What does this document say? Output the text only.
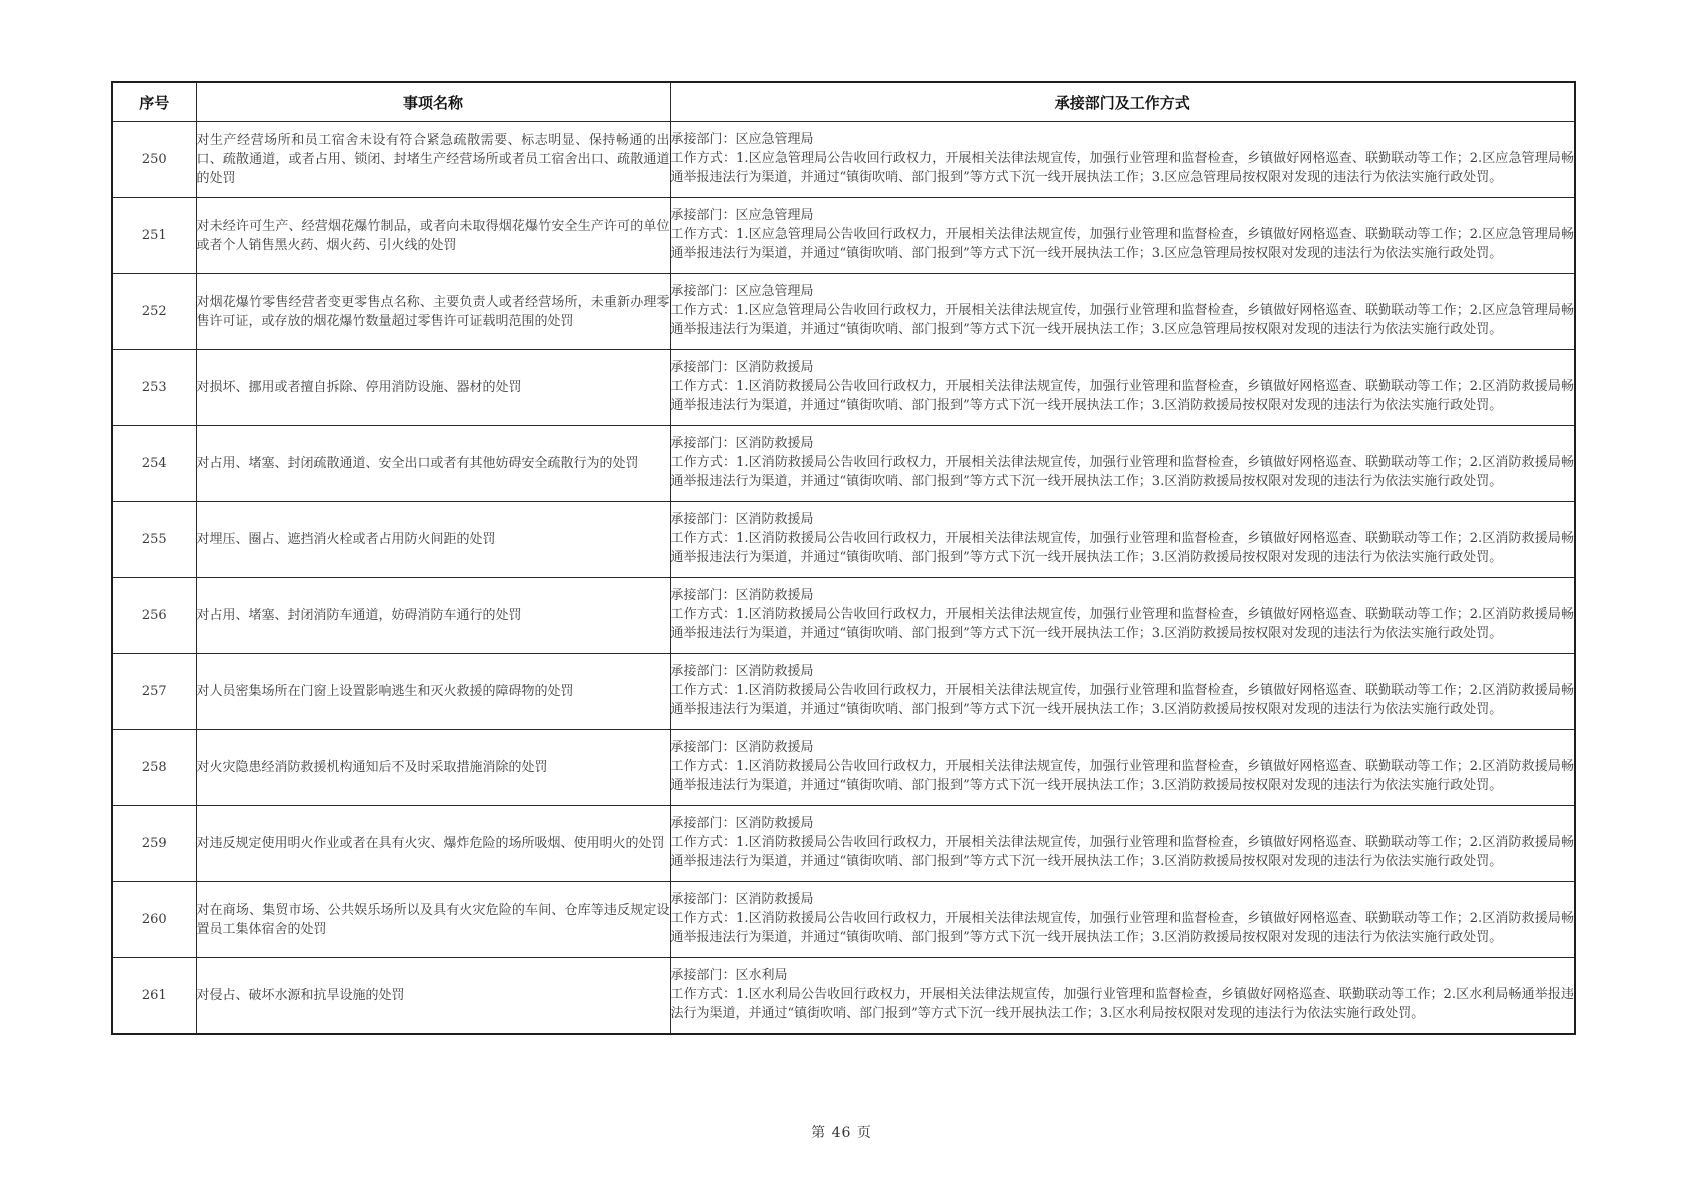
序号	事项名称	承接部门及工作方式
250	对生产经营场所和员工宿舍未设有符合紧急疏散需要、标志明显、保持畅通的出口、疏散通道，或者占用、锁闭、封堵生产经营场所或者员工宿舍出口、疏散通道的处罚	承接部门：区应急管理局
工作方式：1.区应急管理局公告收回行政权力，开展相关法律法规宣传，加强行业管理和监督检查，乡镇做好网格巡查、联勤联动等工作；2.区应急管理局畅通举报违法行为渠道，并通过“镇街吹哨、部门报到”等方式下沉一线开展执法工作；3.区应急管理局按权限对发现的违法行为依法实施行政处罚。

251	对未经许可生产、经营烟花爆竹制品，或者向未取得烟花爆竹安全生产许可的单位或者个人销售黑火药、烟火药、引火线的处罚	承接部门：区应急管理局
工作方式：1.区应急管理局公告收回行政权力，开展相关法律法规宣传，加强行业管理和监督检查，乡镇做好网格巡查、联勤联动等工作；2.区应急管理局畅通举报违法行为渠道，并通过“镇街吹哨、部门报到”等方式下沉一线开展执法工作；3.区应急管理局按权限对发现的违法行为依法实施行政处罚。

252	对烟花爆竹零售经营者变更零售点名称、主要负责人或者经营场所，未重新办理零售许可证，或存放的烟花爆竹数量超过零售许可证载明范围的处罚	承接部门：区应急管理局
工作方式：1.区应急管理局公告收回行政权力，开展相关法律法规宣传，加强行业管理和监督检查，乡镇做好网格巡查、联勤联动等工作；2.区应急管理局畅通举报违法行为渠道，并通过“镇街吹哨、部门报到”等方式下沉一线开展执法工作；3.区应急管理局按权限对发现的违法行为依法实施行政处罚。

253	对损坏、挪用或者擅自拆除、停用消防设施、器材的处罚	承接部门：区消防救援局
工作方式：1.区消防救援局公告收回行政权力，开展相关法律法规宣传，加强行业管理和监督检查，乡镇做好网格巡查、联勤联动等工作；2.区消防救援局畅通举报违法行为渠道，并通过“镇街吹哨、部门报到”等方式下沉一线开展执法工作；3.区消防救援局按权限对发现的违法行为依法实施行政处罚。

254	对占用、堵塞、封闭疏散通道、安全出口或者有其他妨碍安全疏散行为的处罚	承接部门：区消防救援局
工作方式：1.区消防救援局公告收回行政权力，开展相关法律法规宣传，加强行业管理和监督检查，乡镇做好网格巡查、联勤联动等工作；2.区消防救援局畅通举报违法行为渠道，并通过“镇街吹哨、部门报到”等方式下沉一线开展执法工作；3.区消防救援局按权限对发现的违法行为依法实施行政处罚。

255	对埋压、圈占、遮挡消火栓或者占用防火间距的处罚	承接部门：区消防救援局
工作方式：1.区消防救援局公告收回行政权力，开展相关法律法规宣传，加强行业管理和监督检查，乡镇做好网格巡查、联勤联动等工作；2.区消防救援局畅通举报违法行为渠道，并通过“镇街吹哨、部门报到”等方式下沉一线开展执法工作；3.区消防救援局按权限对发现的违法行为依法实施行政处罚。

256	对占用、堵塞、封闭消防车通道，妨碍消防车通行的处罚	承接部门：区消防救援局
工作方式：1.区消防救援局公告收回行政权力，开展相关法律法规宣传，加强行业管理和监督检查，乡镇做好网格巡查、联勤联动等工作；2.区消防救援局畅通举报违法行为渠道，并通过“镇街吹哨、部门报到”等方式下沉一线开展执法工作；3.区消防救援局按权限对发现的违法行为依法实施行政处罚。

257	对人员密集场所在门窗上设置影响逃生和灭火救援的障碍物的处罚	承接部门：区消防救援局
工作方式：1.区消防救援局公告收回行政权力，开展相关法律法规宣传，加强行业管理和监督检查，乡镇做好网格巡查、联勤联动等工作；2.区消防救援局畅通举报违法行为渠道，并通过“镇街吹哨、部门报到”等方式下沉一线开展执法工作；3.区消防救援局按权限对发现的违法行为依法实施行政处罚。

258	对火灾隐患经消防救援机构通知后不及时采取措施消除的处罚	承接部门：区消防救援局
工作方式：1.区消防救援局公告收回行政权力，开展相关法律法规宣传，加强行业管理和监督检查，乡镇做好网格巡查、联勤联动等工作；2.区消防救援局畅通举报违法行为渠道，并通过“镇街吹哨、部门报到”等方式下沉一线开展执法工作；3.区消防救援局按权限对发现的违法行为依法实施行政处罚。

259	对违反规定使用明火作业或者在具有火灾、爆炸危险的场所吸烟、使用明火的处罚	承接部门：区消防救援局
工作方式：1.区消防救援局公告收回行政权力，开展相关法律法规宣传，加强行业管理和监督检查，乡镇做好网格巡查、联勤联动等工作；2.区消防救援局畅通举报违法行为渠道，并通过“镇街吹哨、部门报到”等方式下沉一线开展执法工作；3.区消防救援局按权限对发现的违法行为依法实施行政处罚。

260	对在商场、集贸市场、公共娱乐场所以及具有火灾危险的车间、仓库等违反规定设置员工集体宿舍的处罚	承接部门：区消防救援局
工作方式：1.区消防救援局公告收回行政权力，开展相关法律法规宣传，加强行业管理和监督检查，乡镇做好网格巡查、联勤联动等工作；2.区消防救援局畅通举报违法行为渠道，并通过“镇街吹哨、部门报到”等方式下沉一线开展执法工作；3.区消防救援局按权限对发现的违法行为依法实施行政处罚。

261	对侵占、破坏水源和抗旱设施的处罚	承接部门：区水利局
工作方式：1.区水利局公告收回行政权力，开展相关法律法规宣传，加强行业管理和监督检查，乡镇做好网格巡查、联勤联动等工作；2.区水利局畅通举报违法行为渠道，并通过“镇街吹哨、部门报到”等方式下沉一线开展执法工作；3.区水利局按权限对发现的违法行为依法实施行政处罚。
第 46 页
